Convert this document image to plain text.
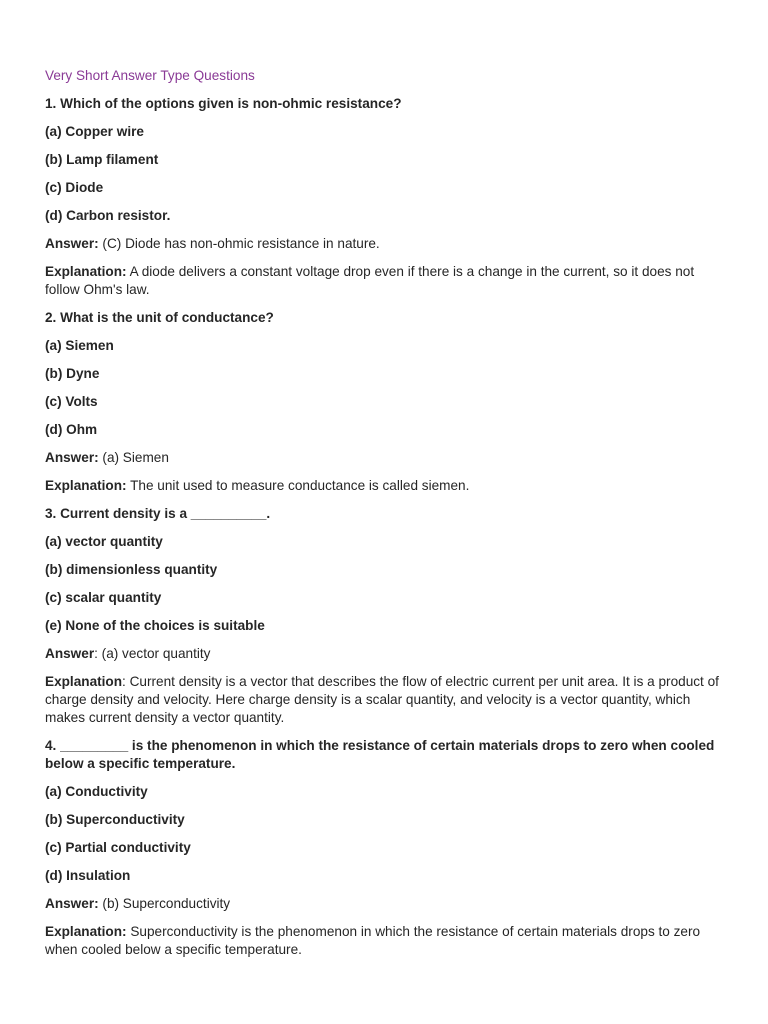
Very Short Answer Type Questions

1. Which of the options given is non-ohmic resistance?

(a) Copper wire

(b) Lamp filament

(c) Diode

(d) Carbon resistor.

Answer: (C) Diode has non-ohmic resistance in nature.

Explanation: A diode delivers a constant voltage drop even if there is a change in the current, so it does not follow Ohm's law.

2. What is the unit of conductance?

(a) Siemen

(b) Dyne

(c) Volts

(d) Ohm

Answer: (a) Siemen

Explanation: The unit used to measure conductance is called siemen.

3. Current density is a __________.

(a) vector quantity

(b) dimensionless quantity

(c) scalar quantity

(e) None of the choices is suitable

Answer: (a) vector quantity

Explanation: Current density is a vector that describes the flow of electric current per unit area. It is a product of charge density and velocity. Here charge density is a scalar quantity, and velocity is a vector quantity, which makes current density a vector quantity.

4. _________ is the phenomenon in which the resistance of certain materials drops to zero when cooled below a specific temperature.

(a) Conductivity

(b) Superconductivity

(c) Partial conductivity

(d) Insulation

Answer: (b) Superconductivity

Explanation: Superconductivity is the phenomenon in which the resistance of certain materials drops to zero when cooled below a specific temperature.
